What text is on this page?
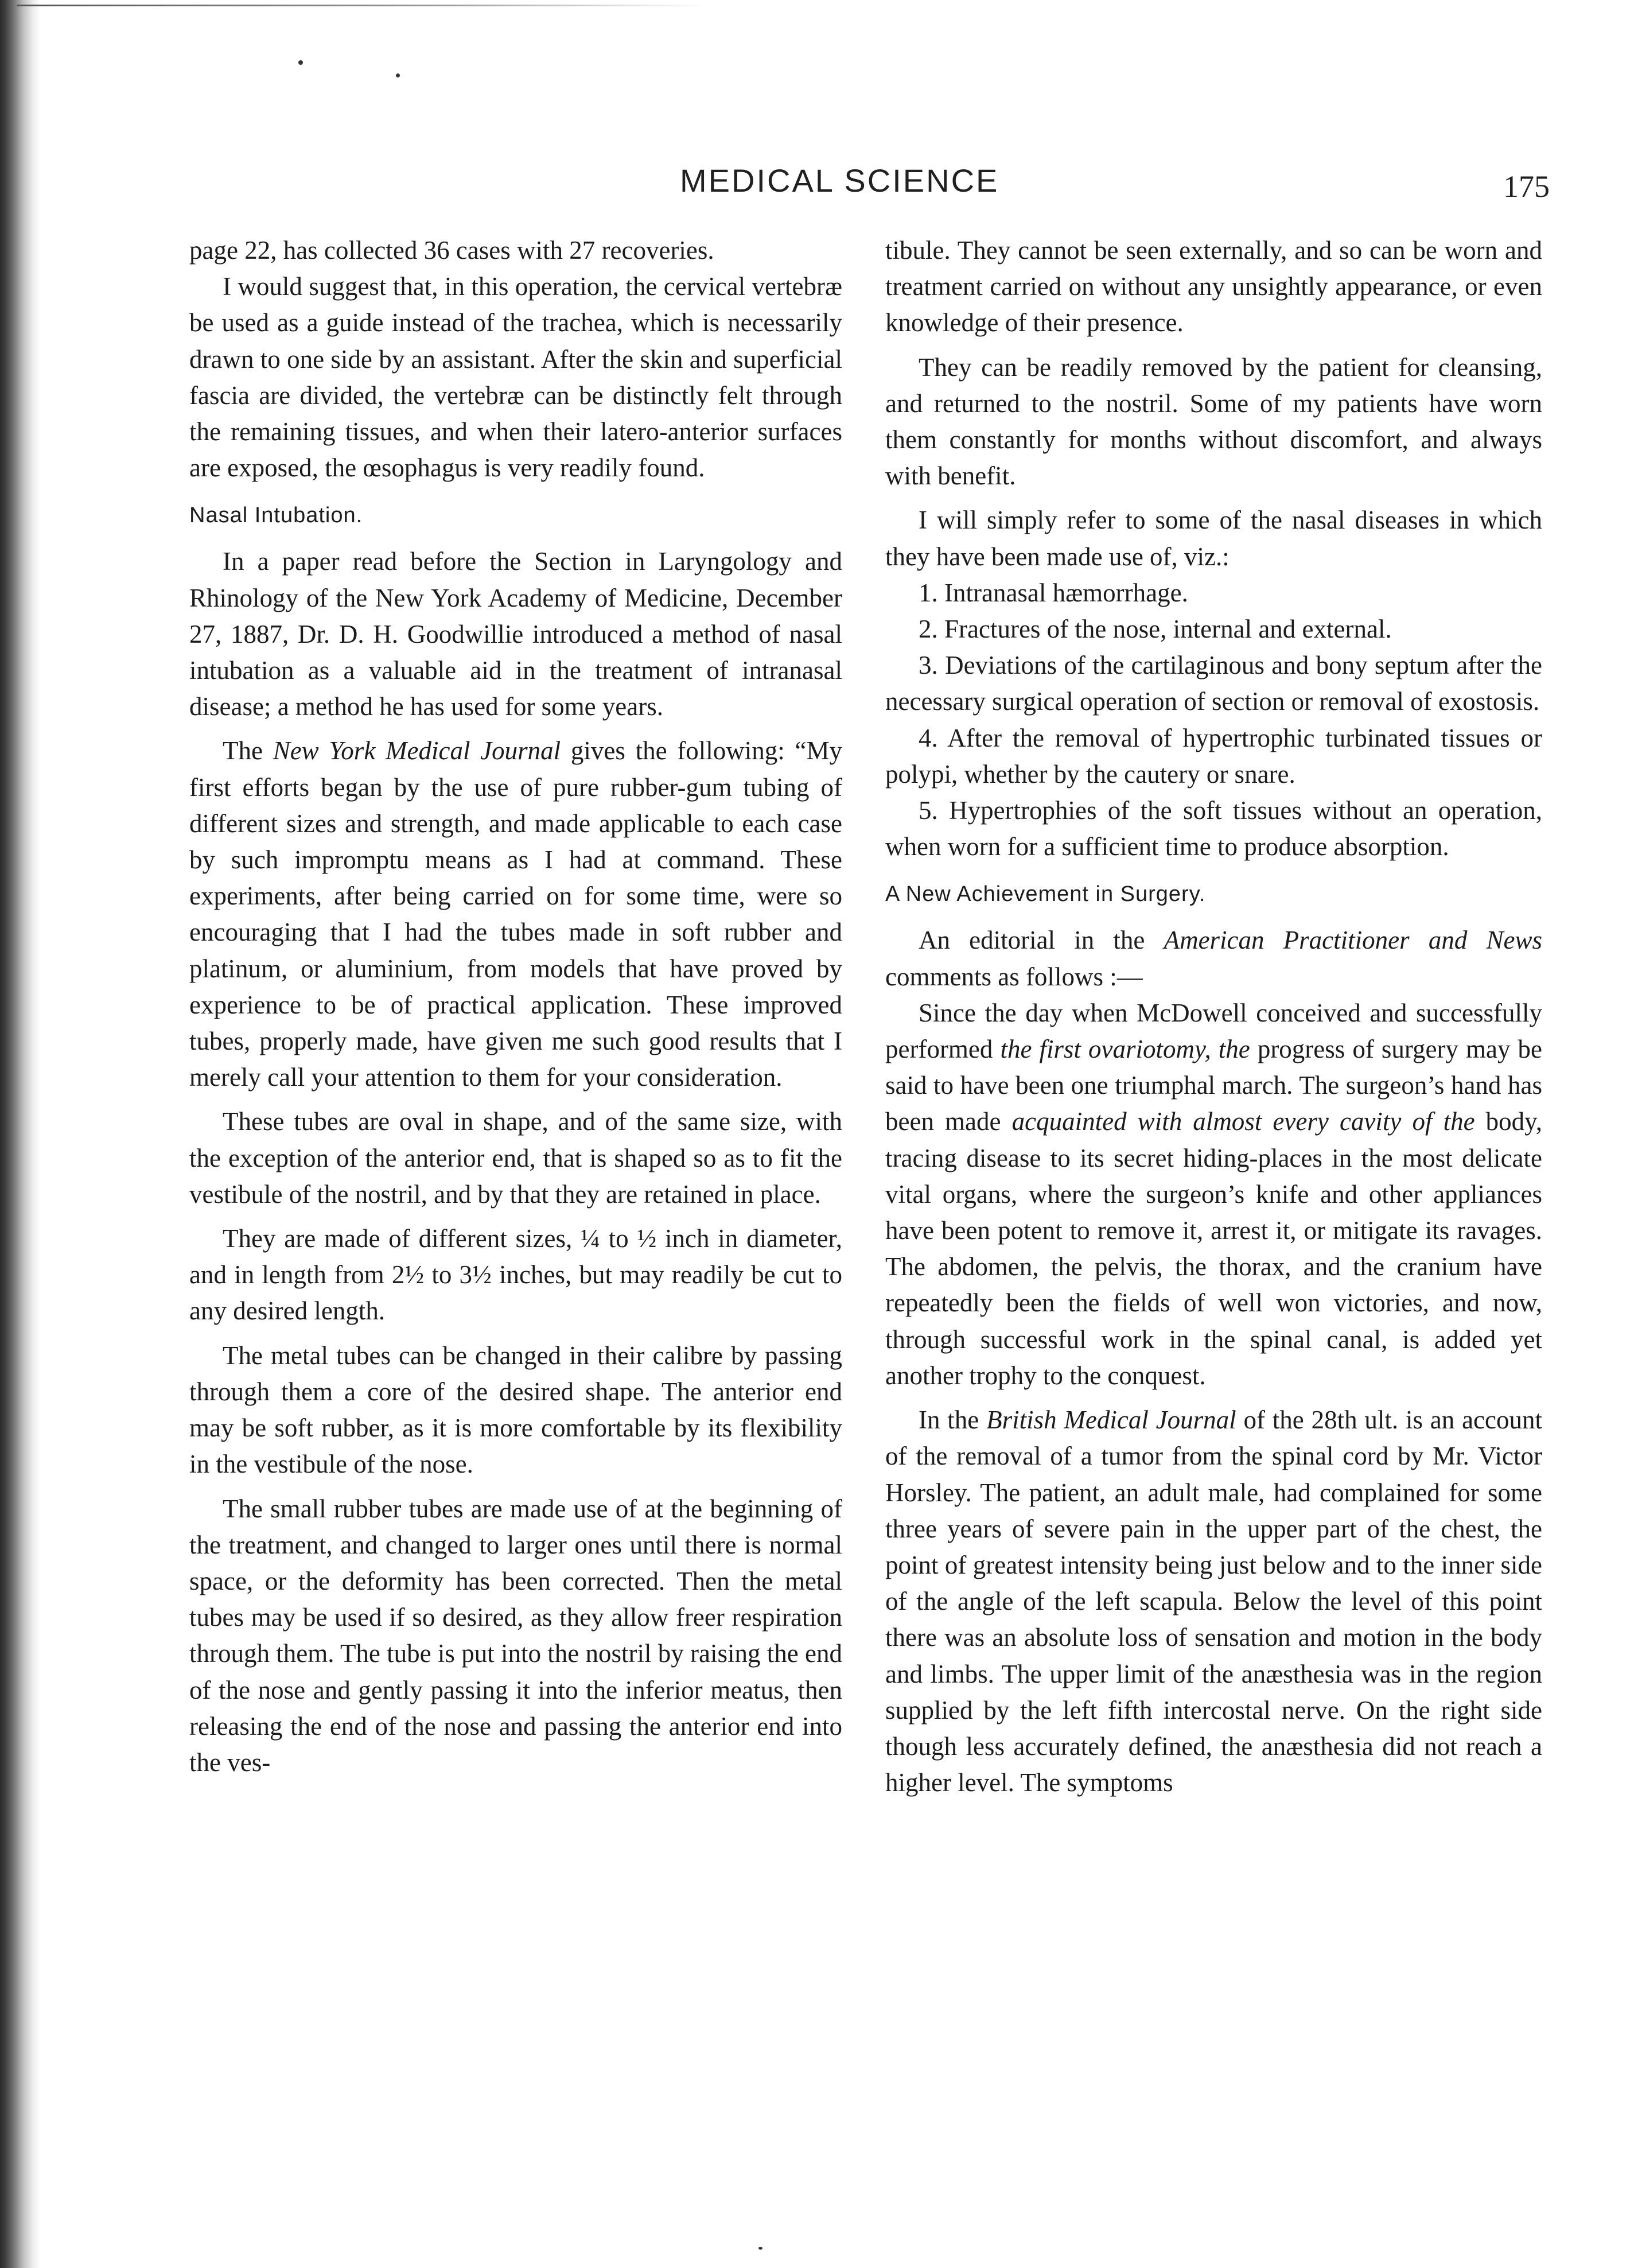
MEDICAL SCIENCE	175

page 22, has collected 36 cases with 27 recoveries.

I would suggest that, in this operation, the cervical vertebræ be used as a guide instead of the trachea, which is necessarily drawn to one side by an assistant. After the skin and superficial fascia are divided, the vertebræ can be distinctly felt through the remaining tissues, and when their latero-anterior surfaces are exposed, the œsophagus is very readily found.

Nasal Intubation.

In a paper read before the Section in Laryngology and Rhinology of the New York Academy of Medicine, December 27, 1887, Dr. D. H. Goodwillie introduced a method of nasal intubation as a valuable aid in the treatment of intranasal disease; a method he has used for some years.

The New York Medical Journal gives the following: “My first efforts began by the use of pure rubber-gum tubing of different sizes and strength, and made applicable to each case by such impromptu means as I had at command. These experiments, after being carried on for some time, were so encouraging that I had the tubes made in soft rubber and platinum, or aluminium, from models that have proved by experience to be of practical application. These improved tubes, properly made, have given me such good results that I merely call your attention to them for your consideration.

These tubes are oval in shape, and of the same size, with the exception of the anterior end, that is shaped so as to fit the vestibule of the nostril, and by that they are retained in place.

They are made of different sizes, ¼ to ½ inch in diameter, and in length from 2½ to 3½ inches, but may readily be cut to any desired length.

The metal tubes can be changed in their calibre by passing through them a core of the desired shape. The anterior end may be soft rubber, as it is more comfortable by its flexibility in the vestibule of the nose.

The small rubber tubes are made use of at the beginning of the treatment, and changed to larger ones until there is normal space, or the deformity has been corrected. Then the metal tubes may be used if so desired, as they allow freer respiration through them. The tube is put into the nostril by raising the end of the nose and gently passing it into the inferior meatus, then releasing the end of the nose and passing the anterior end into the ves-

tibule. They cannot be seen externally, and so can be worn and treatment carried on without any unsightly appearance, or even knowledge of their presence.

They can be readily removed by the patient for cleansing, and returned to the nostril. Some of my patients have worn them constantly for months without discomfort, and always with benefit.

I will simply refer to some of the nasal diseases in which they have been made use of, viz.:

1. Intranasal hæmorrhage.

2. Fractures of the nose, internal and external.

3. Deviations of the cartilaginous and bony septum after the necessary surgical operation of section or removal of exostosis.

4. After the removal of hypertrophic turbinated tissues or polypi, whether by the cautery or snare.

5. Hypertrophies of the soft tissues without an operation, when worn for a sufficient time to produce absorption.

A New Achievement in Surgery.

An editorial in the American Practitioner and News comments as follows :—

Since the day when McDowell conceived and successfully performed the first ovariotomy, the progress of surgery may be said to have been one triumphal march. The surgeon’s hand has been made acquainted with almost every cavity of the body, tracing disease to its secret hiding-places in the most delicate vital organs, where the surgeon’s knife and other appliances have been potent to remove it, arrest it, or mitigate its ravages. The abdomen, the pelvis, the thorax, and the cranium have repeatedly been the fields of well won victories, and now, through successful work in the spinal canal, is added yet another trophy to the conquest.

In the British Medical Journal of the 28th ult. is an account of the removal of a tumor from the spinal cord by Mr. Victor Horsley. The patient, an adult male, had complained for some three years of severe pain in the upper part of the chest, the point of greatest intensity being just below and to the inner side of the angle of the left scapula. Below the level of this point there was an absolute loss of sensation and motion in the body and limbs. The upper limit of the anæsthesia was in the region supplied by the left fifth intercostal nerve. On the right side though less accurately defined, the anæsthesia did not reach a higher level. The symptoms
